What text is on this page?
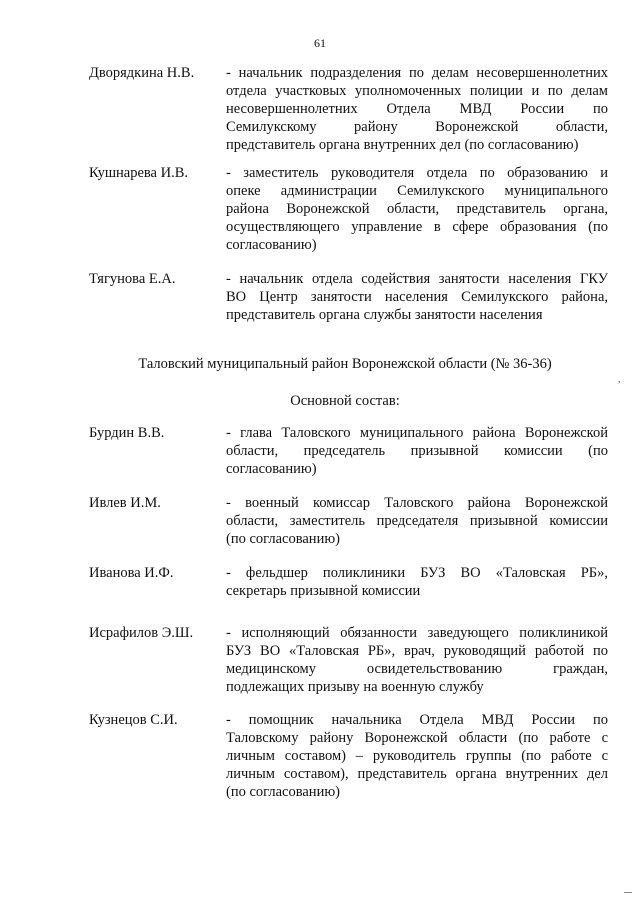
61
Дворядкина Н.В.	- начальник подразделения по делам несовершеннолетних
отдела участковых уполномоченных полиции и по делам
несовершеннолетних Отдела МВД России по
Семилукскому району Воронежской области,
представитель органа внутренних дел (по согласованию)
Кушнарева И.В.	- заместитель руководителя отдела по образованию и
опеке администрации Семилукского муниципального
района Воронежской области, представитель органа,
осуществляющего управление в сфере образования (по
согласованию)
Тягунова Е.А.	- начальник отдела содействия занятости населения ГКУ
ВО Центр занятости населения Семилукского района,
представитель органа службы занятости населения
Таловский муниципальный район Воронежской области (№ 36-36)
Основной состав:
,
Бурдин В.В.	- глава Таловского муниципального района Воронежской
области, председатель призывной комиссии (по
согласованию)
Ивлев И.М.	- военный комиссар Таловского района Воронежской
области, заместитель председателя призывной комиссии
(по согласованию)
Иванова И.Ф.	- фельдшер поликлиники БУЗ ВО «Таловская РБ»,
секретарь призывной комиссии
Исрафилов Э.Ш.	- исполняющий обязанности заведующего поликлиникой
БУЗ ВО «Таловская РБ», врач, руководящий работой по
медицинскому освидетельствованию граждан,
подлежащих призыву на военную службу
Кузнецов С.И.	- помощник начальника Отдела МВД России по
Таловскому району Воронежской области (по работе с
личным составом) – руководитель группы (по работе с
личным составом), представитель органа внутренних дел
(по согласованию)
